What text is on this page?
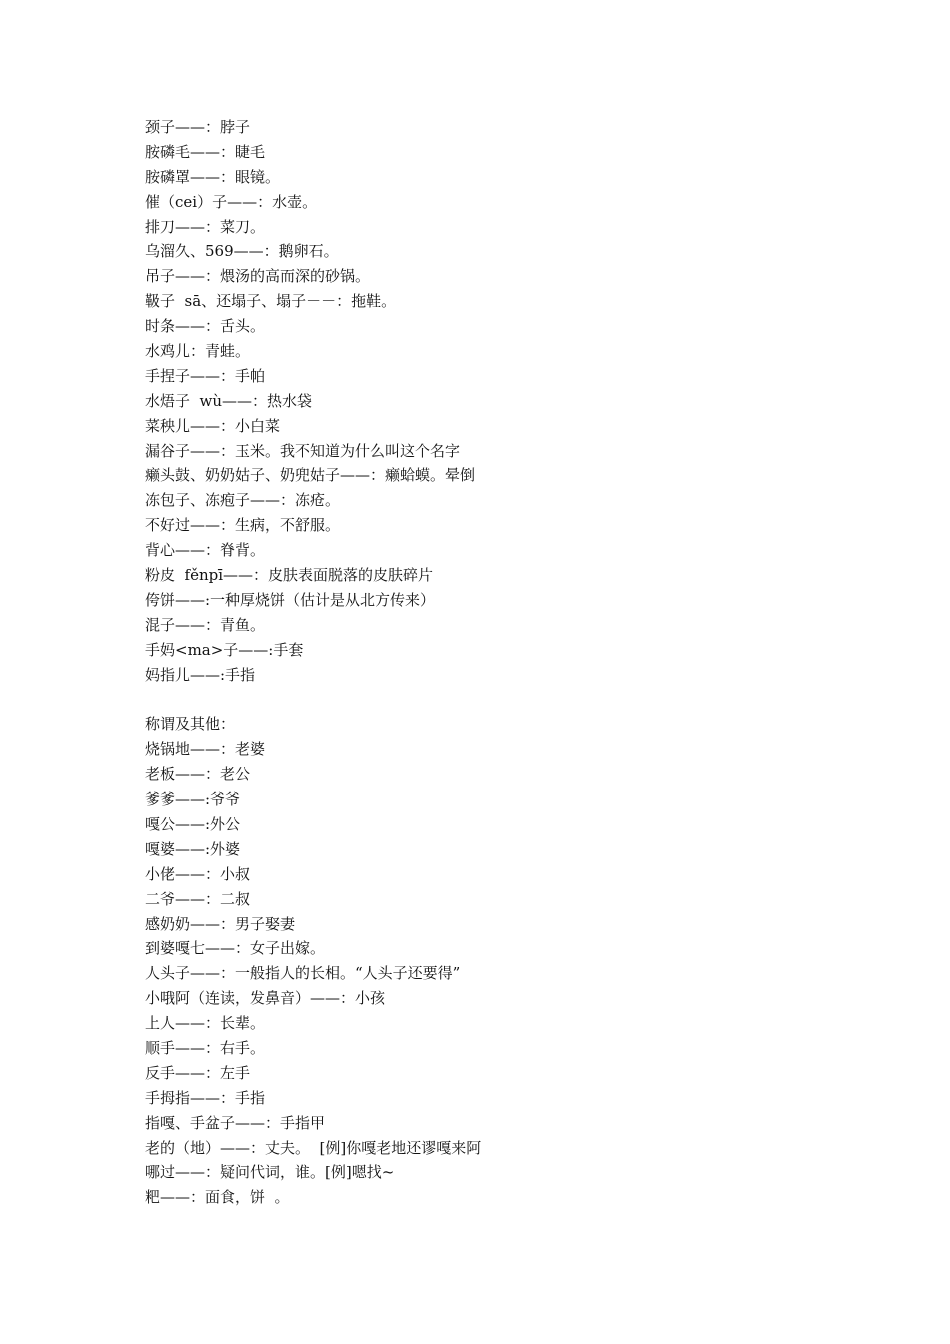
颈子——：脖子
胺磷毛——：睫毛
胺磷罩——：眼镜。
催（cei）子——：水壶。
排刀——：菜刀。
乌溜久、569——：鹅卵石。
吊子——：煨汤的高而深的砂锅。
靸子  sā、还塌子、塌子－－：拖鞋。
时条——：舌头。
水鸡儿：青蛙。
手捏子——：手帕
水焐子  wù——：热水袋
菜秧儿——：小白菜
漏谷子——：玉米。我不知道为什么叫这个名字
癞头鼓、奶奶姑子、奶兜姑子——：癞蛤蟆。晕倒
冻包子、冻疱子——：冻疮。
不好过——：生病，不舒服。
背心——：脊背。
粉皮  fěnpī——：皮肤表面脱落的皮肤碎片
侉饼——:一种厚烧饼（估计是从北方传来）
混子——：青鱼。
手妈<ma>子——:手套
妈指儿——:手指
称谓及其他：
烧锅地——：老婆
老板——：老公
爹爹——:爷爷
嘎公——:外公
嘎婆——:外婆
小佬——：小叔
二爷——：二叔
感奶奶——：男子娶妻
到婆嘎七——：女子出嫁。
人头子——：一般指人的长相。“人头子还要得”
小哦阿（连读，发鼻音）——：小孩
上人——：长辈。
顺手——：右手。
反手——：左手
手拇指——：手指
指嘎、手盆子——：手指甲
老的（地）——：丈夫。  [例]你嘎老地还谬嘎来阿
哪过——：疑问代词，谁。[例]嗯找~
粑——：面食，饼  。
